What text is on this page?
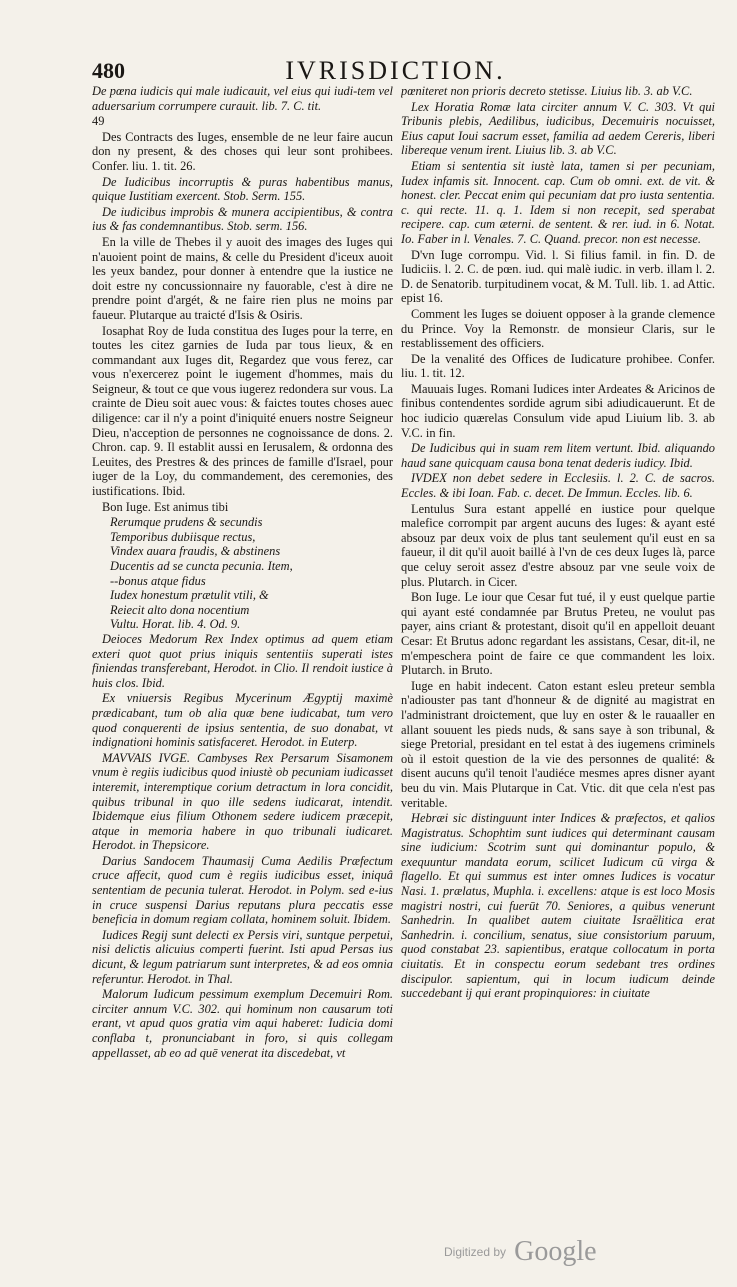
480	IVRISDICTION.

De pœna iudicis qui male iudicauit, vel eius qui iudi-tem vel aduersarium corrumpere curauit. lib. 7. C. tit.

49

Des Contracts des Iuges, ensemble de ne leur faire aucun don ny present, & des choses qui leur sont prohibees. Confer. liu. 1. tit. 26.

De Iudicibus incorruptis & puras habentibus manus, quique Iustitiam exercent. Stob. Serm. 155.

De iudicibus improbis & munera accipientibus, & contra ius & fas condemnantibus. Stob. serm. 156.

En la ville de Thebes il y auoit des images des Iuges qui n'auoient point de mains, & celle du President d'iceux auoit les yeux bandez, pour donner à entendre que la iustice ne doit estre ny concussionnaire ny fauorable, c'est à dire ne prendre point d'argét, & ne faire rien plus ne moins par faueur. Plutarque au traicté d'Isis & Osiris.

Iosaphat Roy de Iuda constitua des Iuges pour la terre, en toutes les citez garnies de Iuda par tous lieux, & en commandant aux Iuges dit, Regardez que vous ferez, car vous n'exercerez point le iugement d'hommes, mais du Seigneur, & tout ce que vous iugerez redondera sur vous. La crainte de Dieu soit auec vous: & faictes toutes choses auec diligence: car il n'y a point d'iniquité enuers nostre Seigneur Dieu, n'acception de personnes ne cognoissance de dons. 2. Chron. cap. 9. Il establit aussi en Ierusalem, & ordonna des Leuites, des Prestres & des princes de famille d'Israel, pour iuger de la Loy, du commandement, des ceremonies, des iustifications. Ibid.

Bon Iuge. Est animus tibi

Rerumque prudens & secundis

Temporibus dubiisque rectus,

Vindex auara fraudis, & abstinens

Ducentis ad se cuncta pecunia. Item,

--bonus atque fidus

Iudex honestum prætulit vtili, &

Reiecit alto dona nocentium

Vultu. Horat. lib. 4. Od. 9.

Deioces Medorum Rex Index optimus ad quem etiam exteri quot quot prius iniquis sententiis superati istes finiendas transferebant, Herodot. in Clio. Il rendoit iustice à huis clos. Ibid.

Ex vniuersis Regibus Mycerinum Ægyptij maximè prædicabant, tum ob alia quæ bene iudicabat, tum vero quod conquerenti de ipsius sententia, de suo donabat, vt indignationi hominis satisfaceret. Herodot. in Euterp.

MAVVAIS IVGE. Cambyses Rex Persarum Sisamonem vnum è regiis iudicibus quod iniustè ob pecuniam iudicasset interemit, interemptique corium detractum in lora concidit, quibus tribunal in quo ille sedens iudicarat, intendit. Ibidemque eius filium Othonem sedere iudicem præcepit, atque in memoria habere in quo tribunali iudicaret. Herodot. in Thepsicore.

Darius Sandocem Thaumasij Cuma Aedilis Præfectum cruce affecit, quod cum è regiis iudicibus esset, iniquâ sententiam de pecunia tulerat. Herodot. in Polym. sed e-ius in cruce suspensi Darius reputans plura peccatis esse beneficia in domum regiam collata, hominem soluit. Ibidem.

Iudices Regij sunt delecti ex Persis viri, suntque perpetui, nisi delictis alicuius comperti fuerint. Isti apud Persas ius dicunt, & legum patriarum sunt interpretes, & ad eos omnia referuntur. Herodot. in Thal.

Malorum Iudicum pessimum exemplum Decemuiri Rom. circiter annum V.C. 302. qui hominum non causarum toti erant, vt apud quos gratia vim aqui haberet: Iudicia domi conflaba t, pronunciabant in foro, si quis collegam appellasset, ab eo ad quē venerat ita discedebat, vt

pœniteret non prioris decreto stetisse. Liuius lib. 3. ab V.C.

Lex Horatia Romæ lata circiter annum V. C. 303. Vt qui Tribunis plebis, Aedilibus, iudicibus, Decemuiris nocuisset, Eius caput Ioui sacrum esset, familia ad aedem Cereris, liberi libereque venum irent. Liuius lib. 3. ab V.C.

Etiam si sententia sit iustè lata, tamen si per pecuniam, Iudex infamis sit. Innocent. cap. Cum ob omni. ext. de vit. & honest. cler. Peccat enim qui pecuniam dat pro iusta sententia. c. qui recte. 11. q. 1. Idem si non recepit, sed sperabat recipere. cap. cum æterni. de sentent. & rer. iud. in 6. Notat. Io. Faber in l. Venales. 7. C. Quand. precor. non est necesse.

D'vn Iuge corrompu. Vid. l. Si filius famil. in fin. D. de Iudiciis. l. 2. C. de pœn. iud. qui malè iudic. in verb. illam l. 2. D. de Senatorib. turpitudinem vocat, & M. Tull. lib. 1. ad Attic. epist 16.

Comment les Iuges se doiuent opposer à la grande clemence du Prince. Voy la Remonstr. de monsieur Claris, sur le restablissement des officiers.

De la venalité des Offices de Iudicature prohibee. Confer. liu. 1. tit. 12.

Mauuais Iuges. Romani Iudices inter Ardeates & Aricinos de finibus contendentes sordide agrum sibi adiudicauerunt. Et de hoc iudicio quærelas Consulum vide apud Liuium lib. 3. ab V.C. in fin.

De Iudicibus qui in suam rem litem vertunt. Ibid. aliquando haud sane quicquam causa bona tenat dederis iudicy. Ibid.

IVDEX non debet sedere in Ecclesiis. l. 2. C. de sacros. Eccles. & ibi Ioan. Fab. c. decet. De Immun. Eccles. lib. 6.

Lentulus Sura estant appellé en iustice pour quelque malefice corrompit par argent aucuns des Iuges: & ayant esté absouz par deux voix de plus tant seulement qu'il eust en sa faueur, il dit qu'il auoit baillé à l'vn de ces deux Iuges là, parce que celuy seroit assez d'estre absouz par vne seule voix de plus. Plutarch. in Cicer.

Bon Iuge. Le iour que Cesar fut tué, il y eust quelque partie qui ayant esté condamnée par Brutus Preteu, ne voulut pas payer, ains criant & protestant, disoit qu'il en appelloit deuant Cesar: Et Brutus adonc regardant les assistans, Cesar, dit-il, ne m'empeschera point de faire ce que commandent les loix. Plutarch. in Bruto.

Iuge en habit indecent. Caton estant esleu preteur sembla n'adiouster pas tant d'honneur & de dignité au magistrat en l'administrant droictement, que luy en oster & le rauaaller en allant souuent les pieds nuds, & sans saye à son tribunal, & siege Pretorial, presidant en tel estat à des iugemens criminels où il estoit question de la vie des personnes de qualité: & disent aucuns qu'il tenoit l'audiéce mesmes apres disner ayant beu du vin. Mais Plutarque in Cat. Vtic. dit que cela n'est pas veritable.

Hebræi sic distinguunt inter Indices & præfectos, et qalios Magistratus. Schophtim sunt iudices qui determinant causam sine iudicium: Scotrim sunt qui dominantur populo, & exequuntur mandata eorum, scilicet Iudicum cū virga & flagello. Et qui summus est inter omnes Iudices is vocatur Nasi. 1. prælatus, Muphla. i. excellens: atque is est loco Mosis magistri nostri, cui fuerūt 70. Seniores, a quibus venerunt Sanhedrin. In qualibet autem ciuitate Israëlitica erat Sanhedrin. i. concilium, senatus, siue consistorium paruum, quod constabat 23. sapientibus, eratque collocatum in porta ciuitatis. Et in conspectu eorum sedebant tres ordines discipulor. sapientum, qui in locum iudicum deinde succedebant ij qui erant propinquiores: in ciuitate

Digitized by Google
